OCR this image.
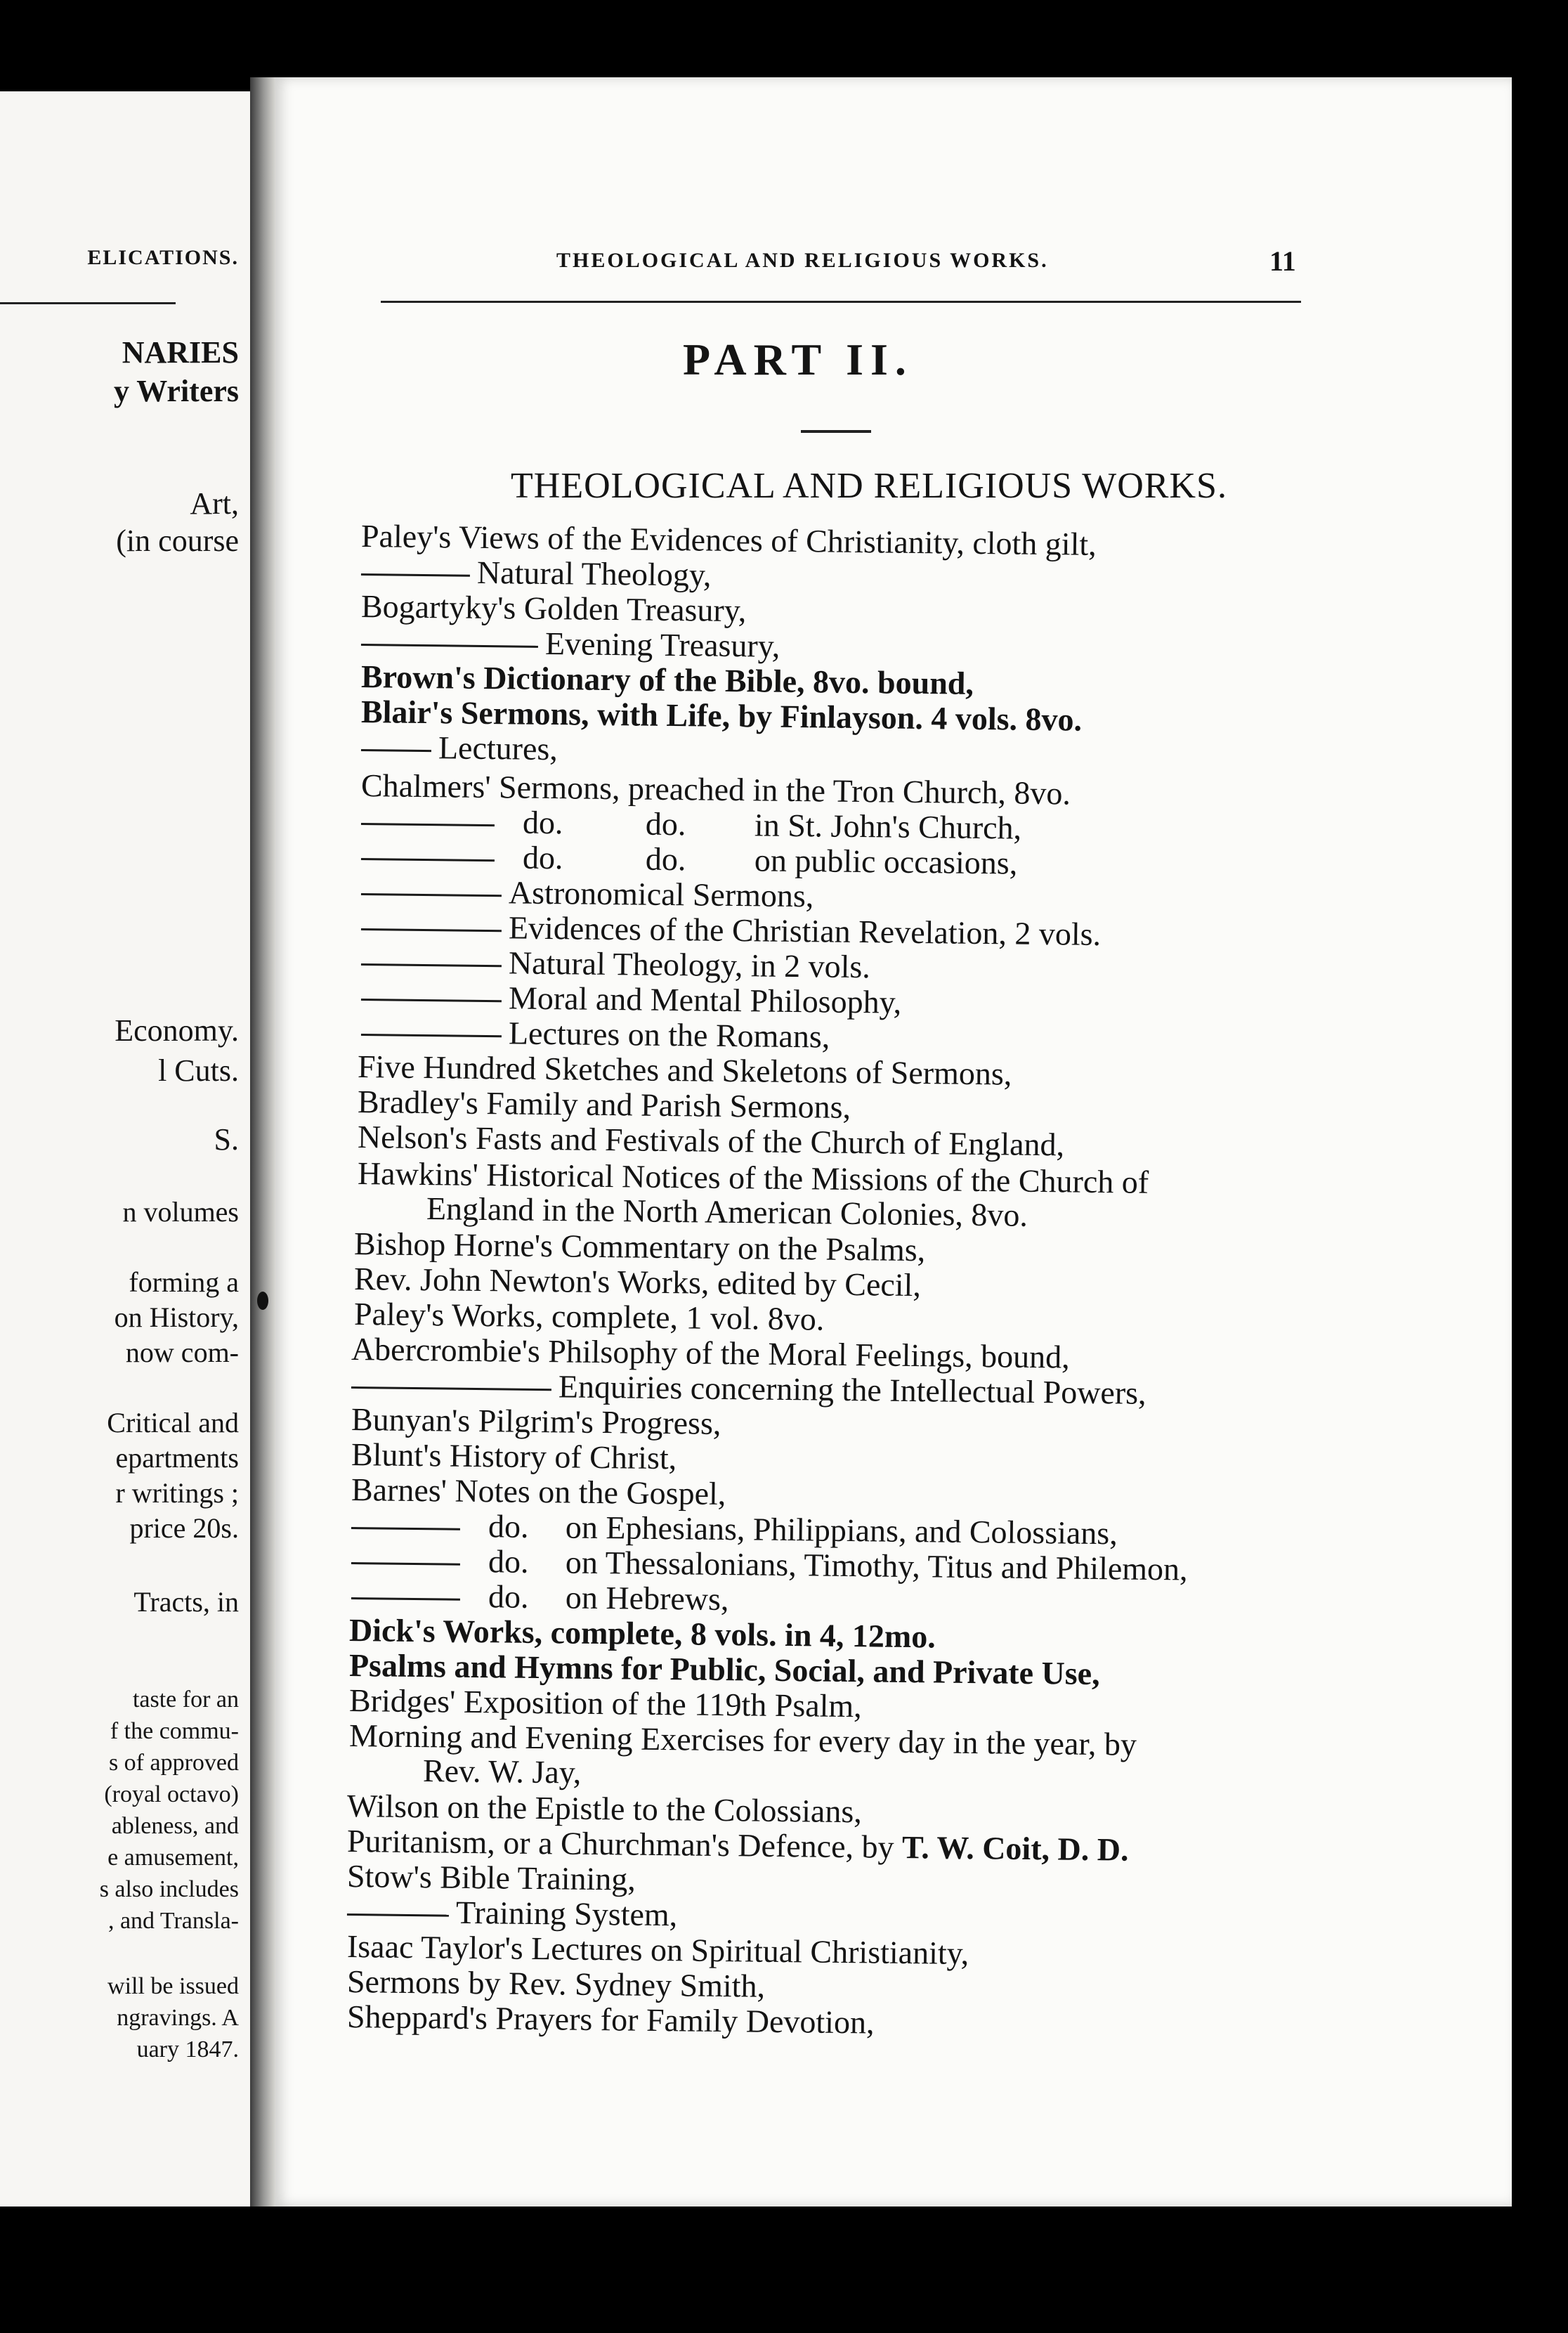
ELICATIONS.
NARIES
y Writers
Art,
(in course
Economy.
l Cuts.
S.
n volumes
forming a
on History,
now com-
Critical and
epartments
r writings ;
price 20s.
Tracts, in
taste for an
f the commu-
s of approved
(royal octavo)
ableness, and
e amusement,
s also includes
, and Transla-
will be issued
ngravings. A
uary 1847.
THEOLOGICAL AND RELIGIOUS WORKS.	11
PART II.
THEOLOGICAL AND RELIGIOUS WORKS.
Paley's Views of the Evidences of Christianity, cloth gilt,
Natural Theology,
Bogartyky's Golden Treasury,
Evening Treasury,
Brown's Dictionary of the Bible, 8vo. bound,
Blair's Sermons, with Life, by Finlayson. 4 vols. 8vo.
Lectures,
Chalmers' Sermons, preached in the Tron Church, 8vo.
do.	do. in St. John's Church,
do.	do. on public occasions,
Astronomical Sermons,
Evidences of the Christian Revelation, 2 vols.
Natural Theology, in 2 vols.
Moral and Mental Philosophy,
Lectures on the Romans,
Five Hundred Sketches and Skeletons of Sermons,
Bradley's Family and Parish Sermons,
Nelson's Fasts and Festivals of the Church of England,
Hawkins' Historical Notices of the Missions of the Church of
England in the North American Colonies, 8vo.
Bishop Horne's Commentary on the Psalms,
Rev. John Newton's Works, edited by Cecil,
Paley's Works, complete, 1 vol. 8vo.
Abercrombie's Philsophy of the Moral Feelings, bound,
Enquiries concerning the Intellectual Powers,
Bunyan's Pilgrim's Progress,
Blunt's History of Christ,
Barnes' Notes on the Gospel,
do. on Ephesians, Philippians, and Colossians,
do. on Thessalonians, Timothy, Titus and Philemon,
do. on Hebrews,
Dick's Works, complete, 8 vols. in 4, 12mo.
Psalms and Hymns for Public, Social, and Private Use,
Bridges' Exposition of the 119th Psalm,
Morning and Evening Exercises for every day in the year, by
Rev. W. Jay,
Wilson on the Epistle to the Colossians,
Puritanism, or a Churchman's Defence, by T. W. Coit, D. D.
Stow's Bible Training,
Training System,
Isaac Taylor's Lectures on Spiritual Christianity,
Sermons by Rev. Sydney Smith,
Sheppard's Prayers for Family Devotion,
